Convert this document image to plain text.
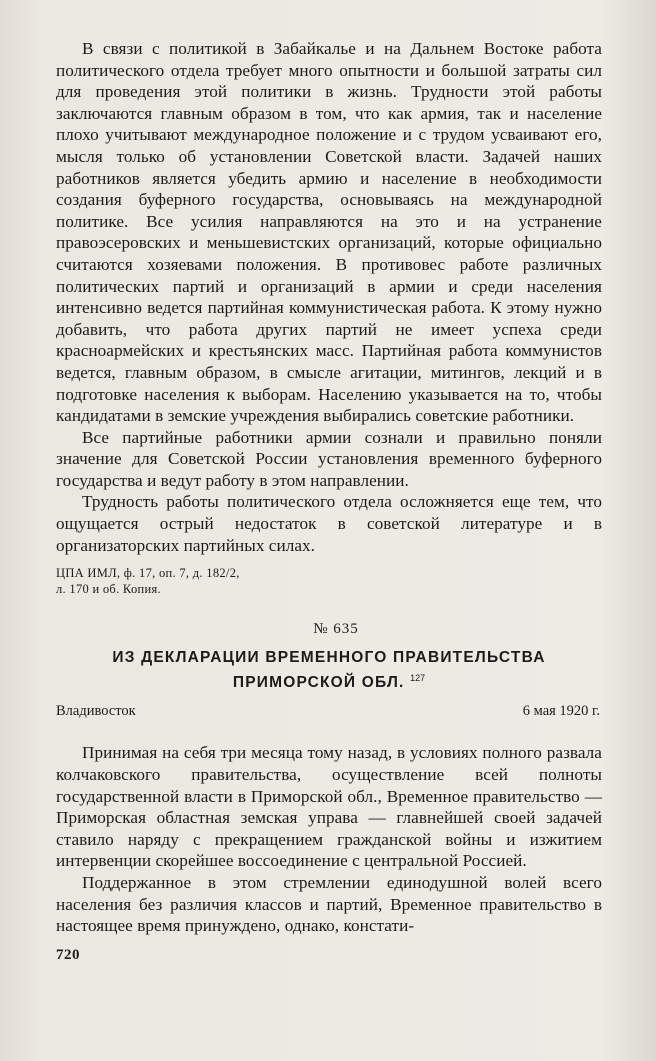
В связи с политикой в Забайкалье и на Дальнем Востоке работа политического отдела требует много опытности и большой затраты сил для проведения этой политики в жизнь. Трудности этой работы заключаются главным образом в том, что как армия, так и население плохо учитывают международное положение и с трудом усваивают его, мысля только об установлении Советской власти. Задачей наших работников является убедить армию и население в необходимости создания буферного государства, основываясь на международной политике. Все усилия направляются на это и на устранение правоэсеровских и меньшевистских организаций, которые официально считаются хозяевами положения. В противовес работе различных политических партий и организаций в армии и среди населения интенсивно ведется партийная коммунистическая работа. К этому нужно добавить, что работа других партий не имеет успеха среди красноармейских и крестьянских масс. Партийная работа коммунистов ведется, главным образом, в смысле агитации, митингов, лекций и в подготовке населения к выборам. Населению указывается на то, чтобы кандидатами в земские учреждения выбирались советские работники.

Все партийные работники армии сознали и правильно поняли значение для Советской России установления временного буферного государства и ведут работу в этом направлении.

Трудность работы политического отдела осложняется еще тем, что ощущается острый недостаток в советской литературе и в организаторских партийных силах.

ЦПА ИМЛ, ф. 17, оп. 7, д. 182/2,
л. 170 и об. Копия.
№ 635
ИЗ ДЕКЛАРАЦИИ ВРЕМЕННОГО ПРАВИТЕЛЬСТВА
ПРИМОРСКОЙ ОБЛ. $^{127}$
Владивосток	6 мая 1920 г.

Принимая на себя три месяца тому назад, в условиях полного развала колчаковского правительства, осуществление всей полноты государственной власти в Приморской обл., Временное правительство — Приморская областная земская управа — главнейшей своей задачей ставило наряду с прекращением гражданской войны и изжитием интервенции скорейшее воссоединение с центральной Россией.

Поддержанное в этом стремлении единодушной волей всего населения без различия классов и партий, Временное правительство в настоящее время принуждено, однако, констати-

720
